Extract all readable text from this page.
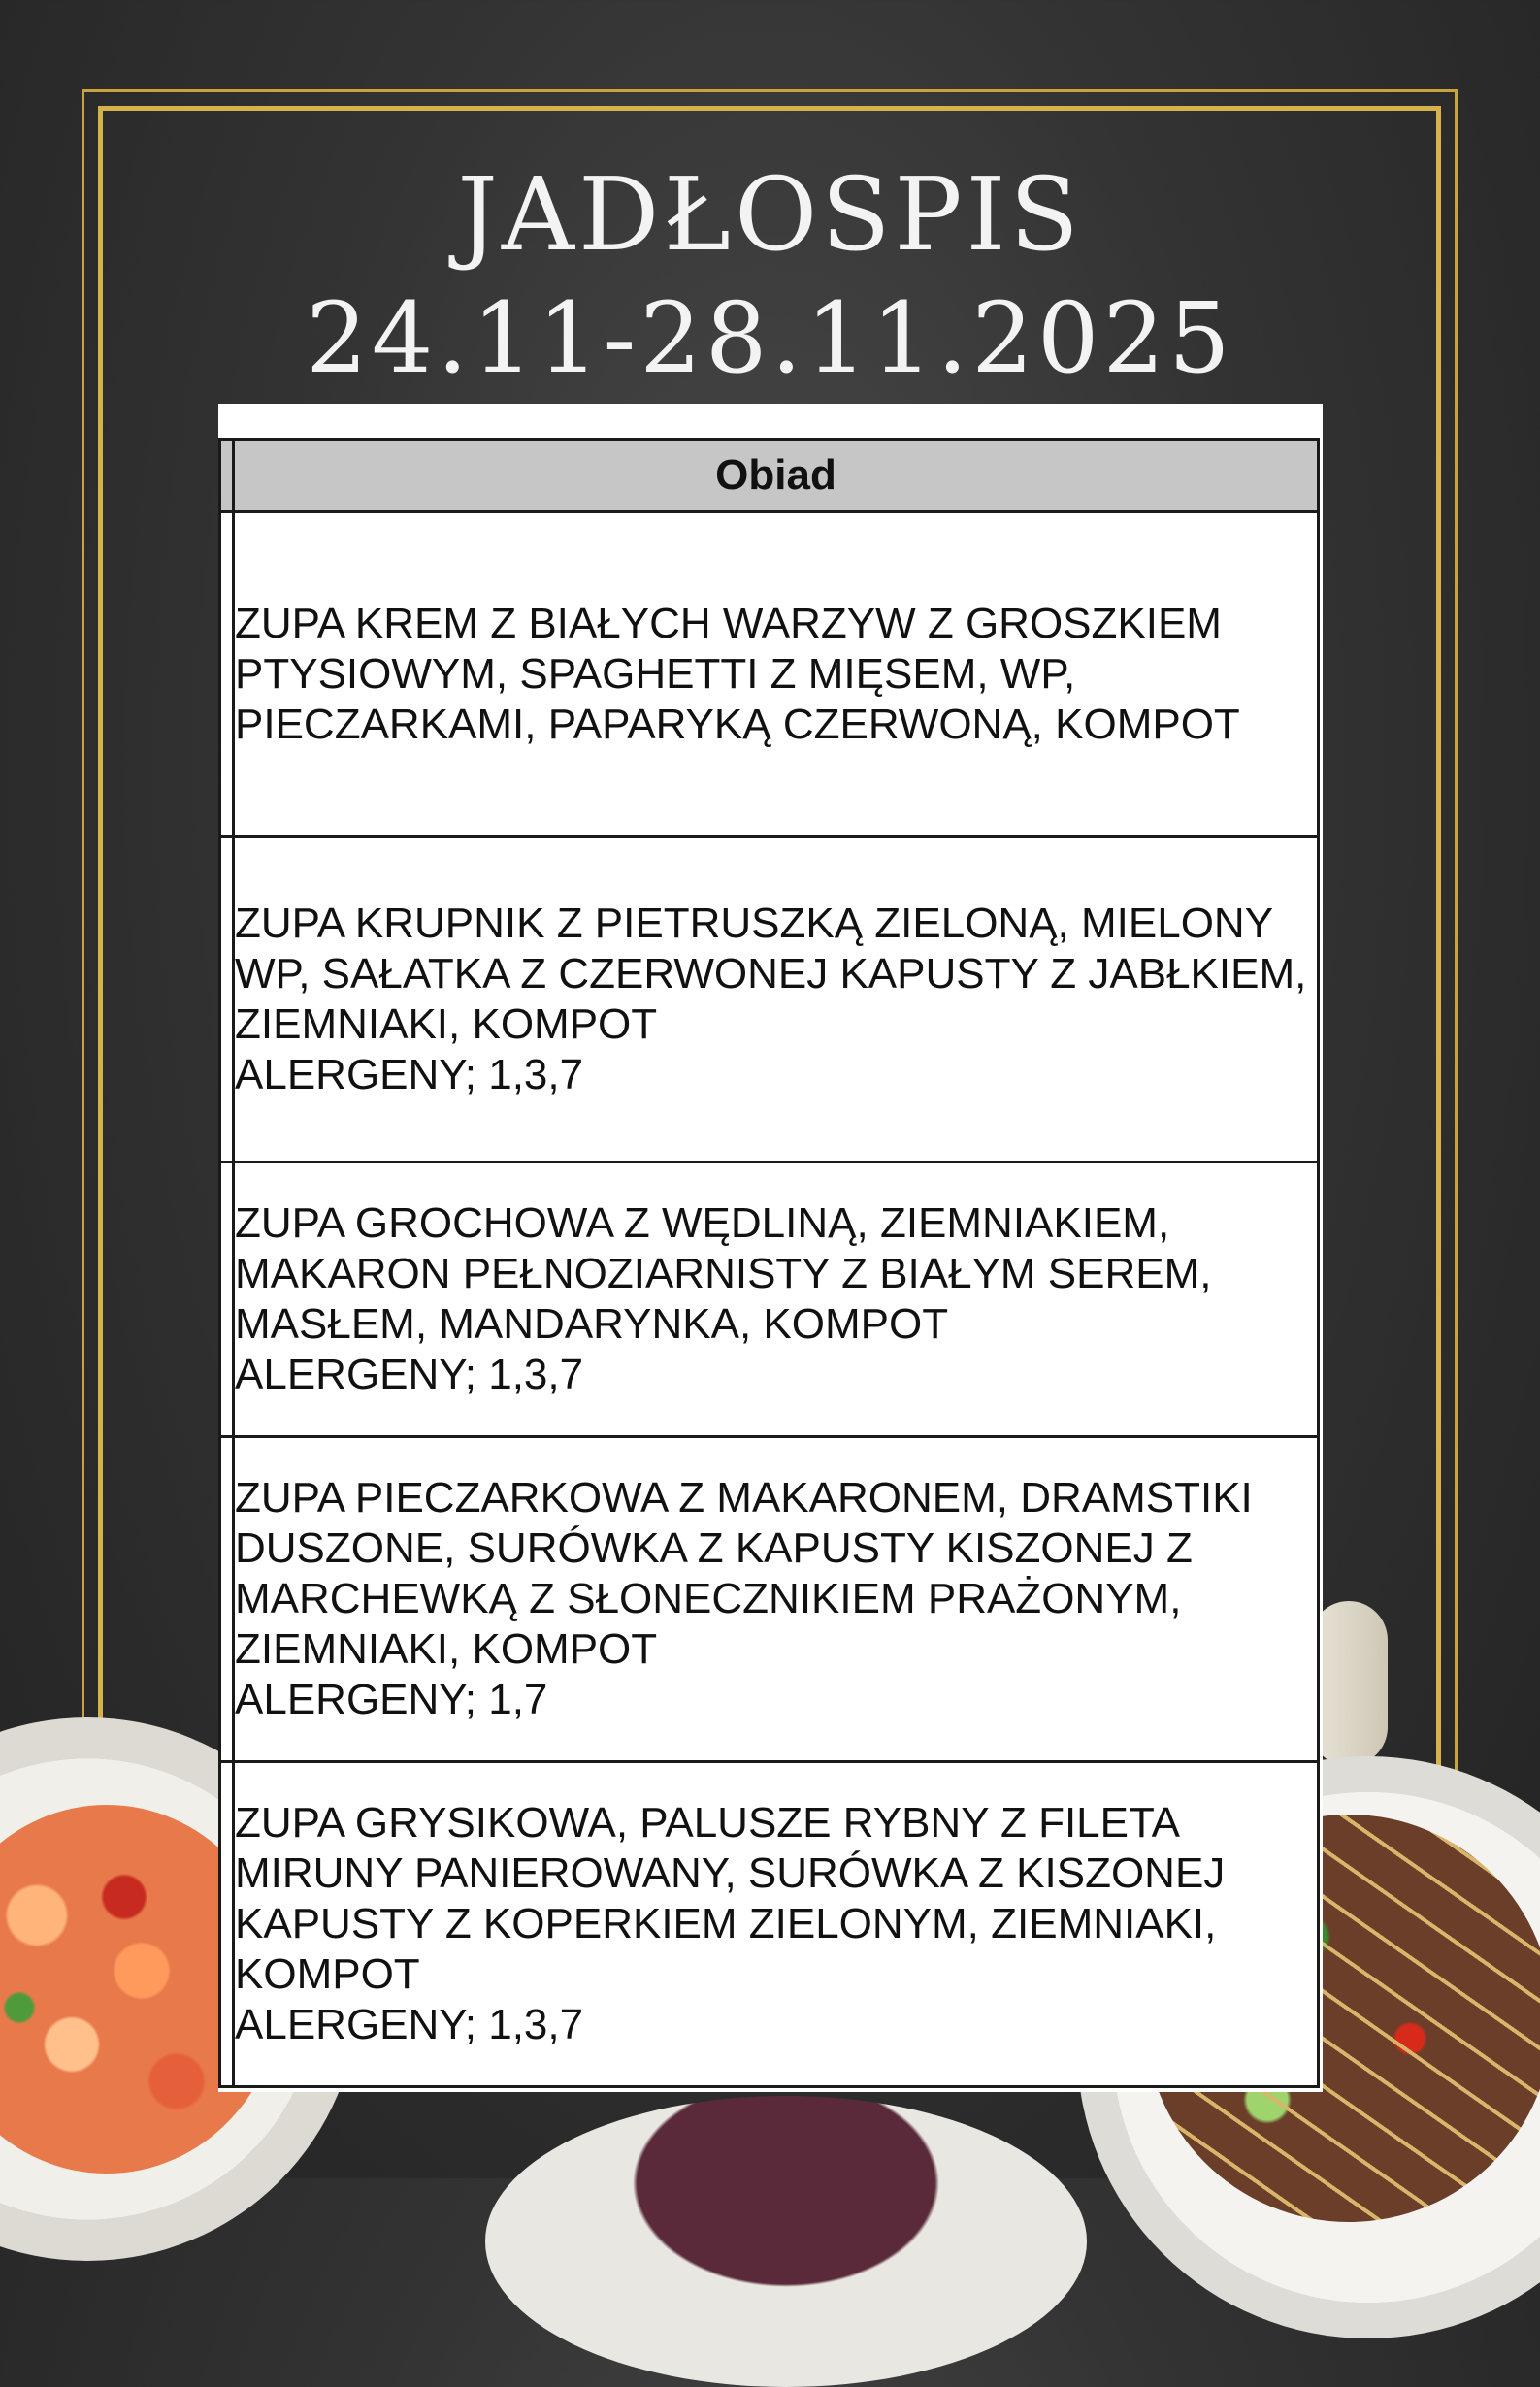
JADŁOSPIS
24.11-28.11.2025
	Obiad

	ZUPA KREM Z BIAŁYCH WARZYW Z GROSZKIEM PTYSIOWYM, SPAGHETTI Z MIĘSEM, WP, PIECZARKAMI, PAPARYKĄ CZERWONĄ, KOMPOT

	ZUPA KRUPNIK Z PIETRUSZKĄ ZIELONĄ, MIELONY WP, SAŁATKA Z CZERWONEJ KAPUSTY Z JABŁKIEM, ZIEMNIAKI, KOMPOT
ALERGENY; 1,3,7

	ZUPA GROCHOWA Z WĘDLINĄ, ZIEMNIAKIEM, MAKARON PEŁNOZIARNISTY Z BIAŁYM SEREM, MASŁEM, MANDARYNKA, KOMPOT
ALERGENY; 1,3,7

	ZUPA PIECZARKOWA Z MAKARONEM, DRAMSTIKI DUSZONE, SURÓWKA Z KAPUSTY KISZONEJ Z MARCHEWKĄ Z SŁONECZNIKIEM PRAŻONYM, ZIEMNIAKI, KOMPOT
ALERGENY; 1,7

	ZUPA GRYSIKOWA, PALUSZE RYBNY Z FILETA MIRUNY PANIEROWANY, SURÓWKA Z KISZONEJ KAPUSTY Z KOPERKIEM ZIELONYM, ZIEMNIAKI, KOMPOT
ALERGENY; 1,3,7
